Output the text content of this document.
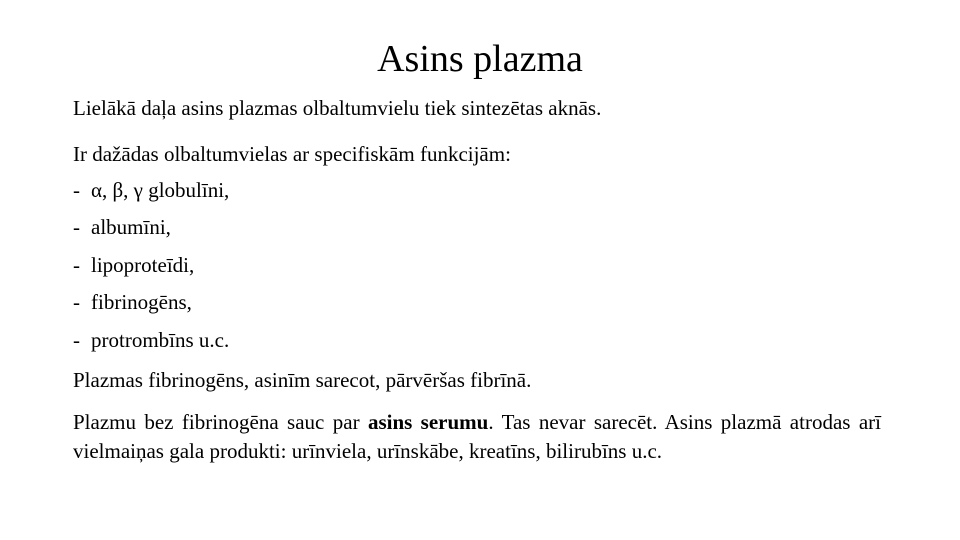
Asins plazma
Lielākā daļa asins plazmas olbaltumvielu tiek sintezētas aknās.
Ir dažādas olbaltumvielas ar specifiskām funkcijām:
- α, β, γ globulīni,
- albumīni,
- lipoproteīdi,
- fibrinogēns,
- protrombīns u.c.
Plazmas fibrinogēns, asinīm sarecot, pārvēršas fibrīnā.
Plazmu bez fibrinogēna sauc par asins serumu. Tas nevar sarecēt. Asins plazmā atrodas arī vielmaiņas gala produkti: urīnviela, urīnskābe, kreatīns, bilirubīns u.c.
